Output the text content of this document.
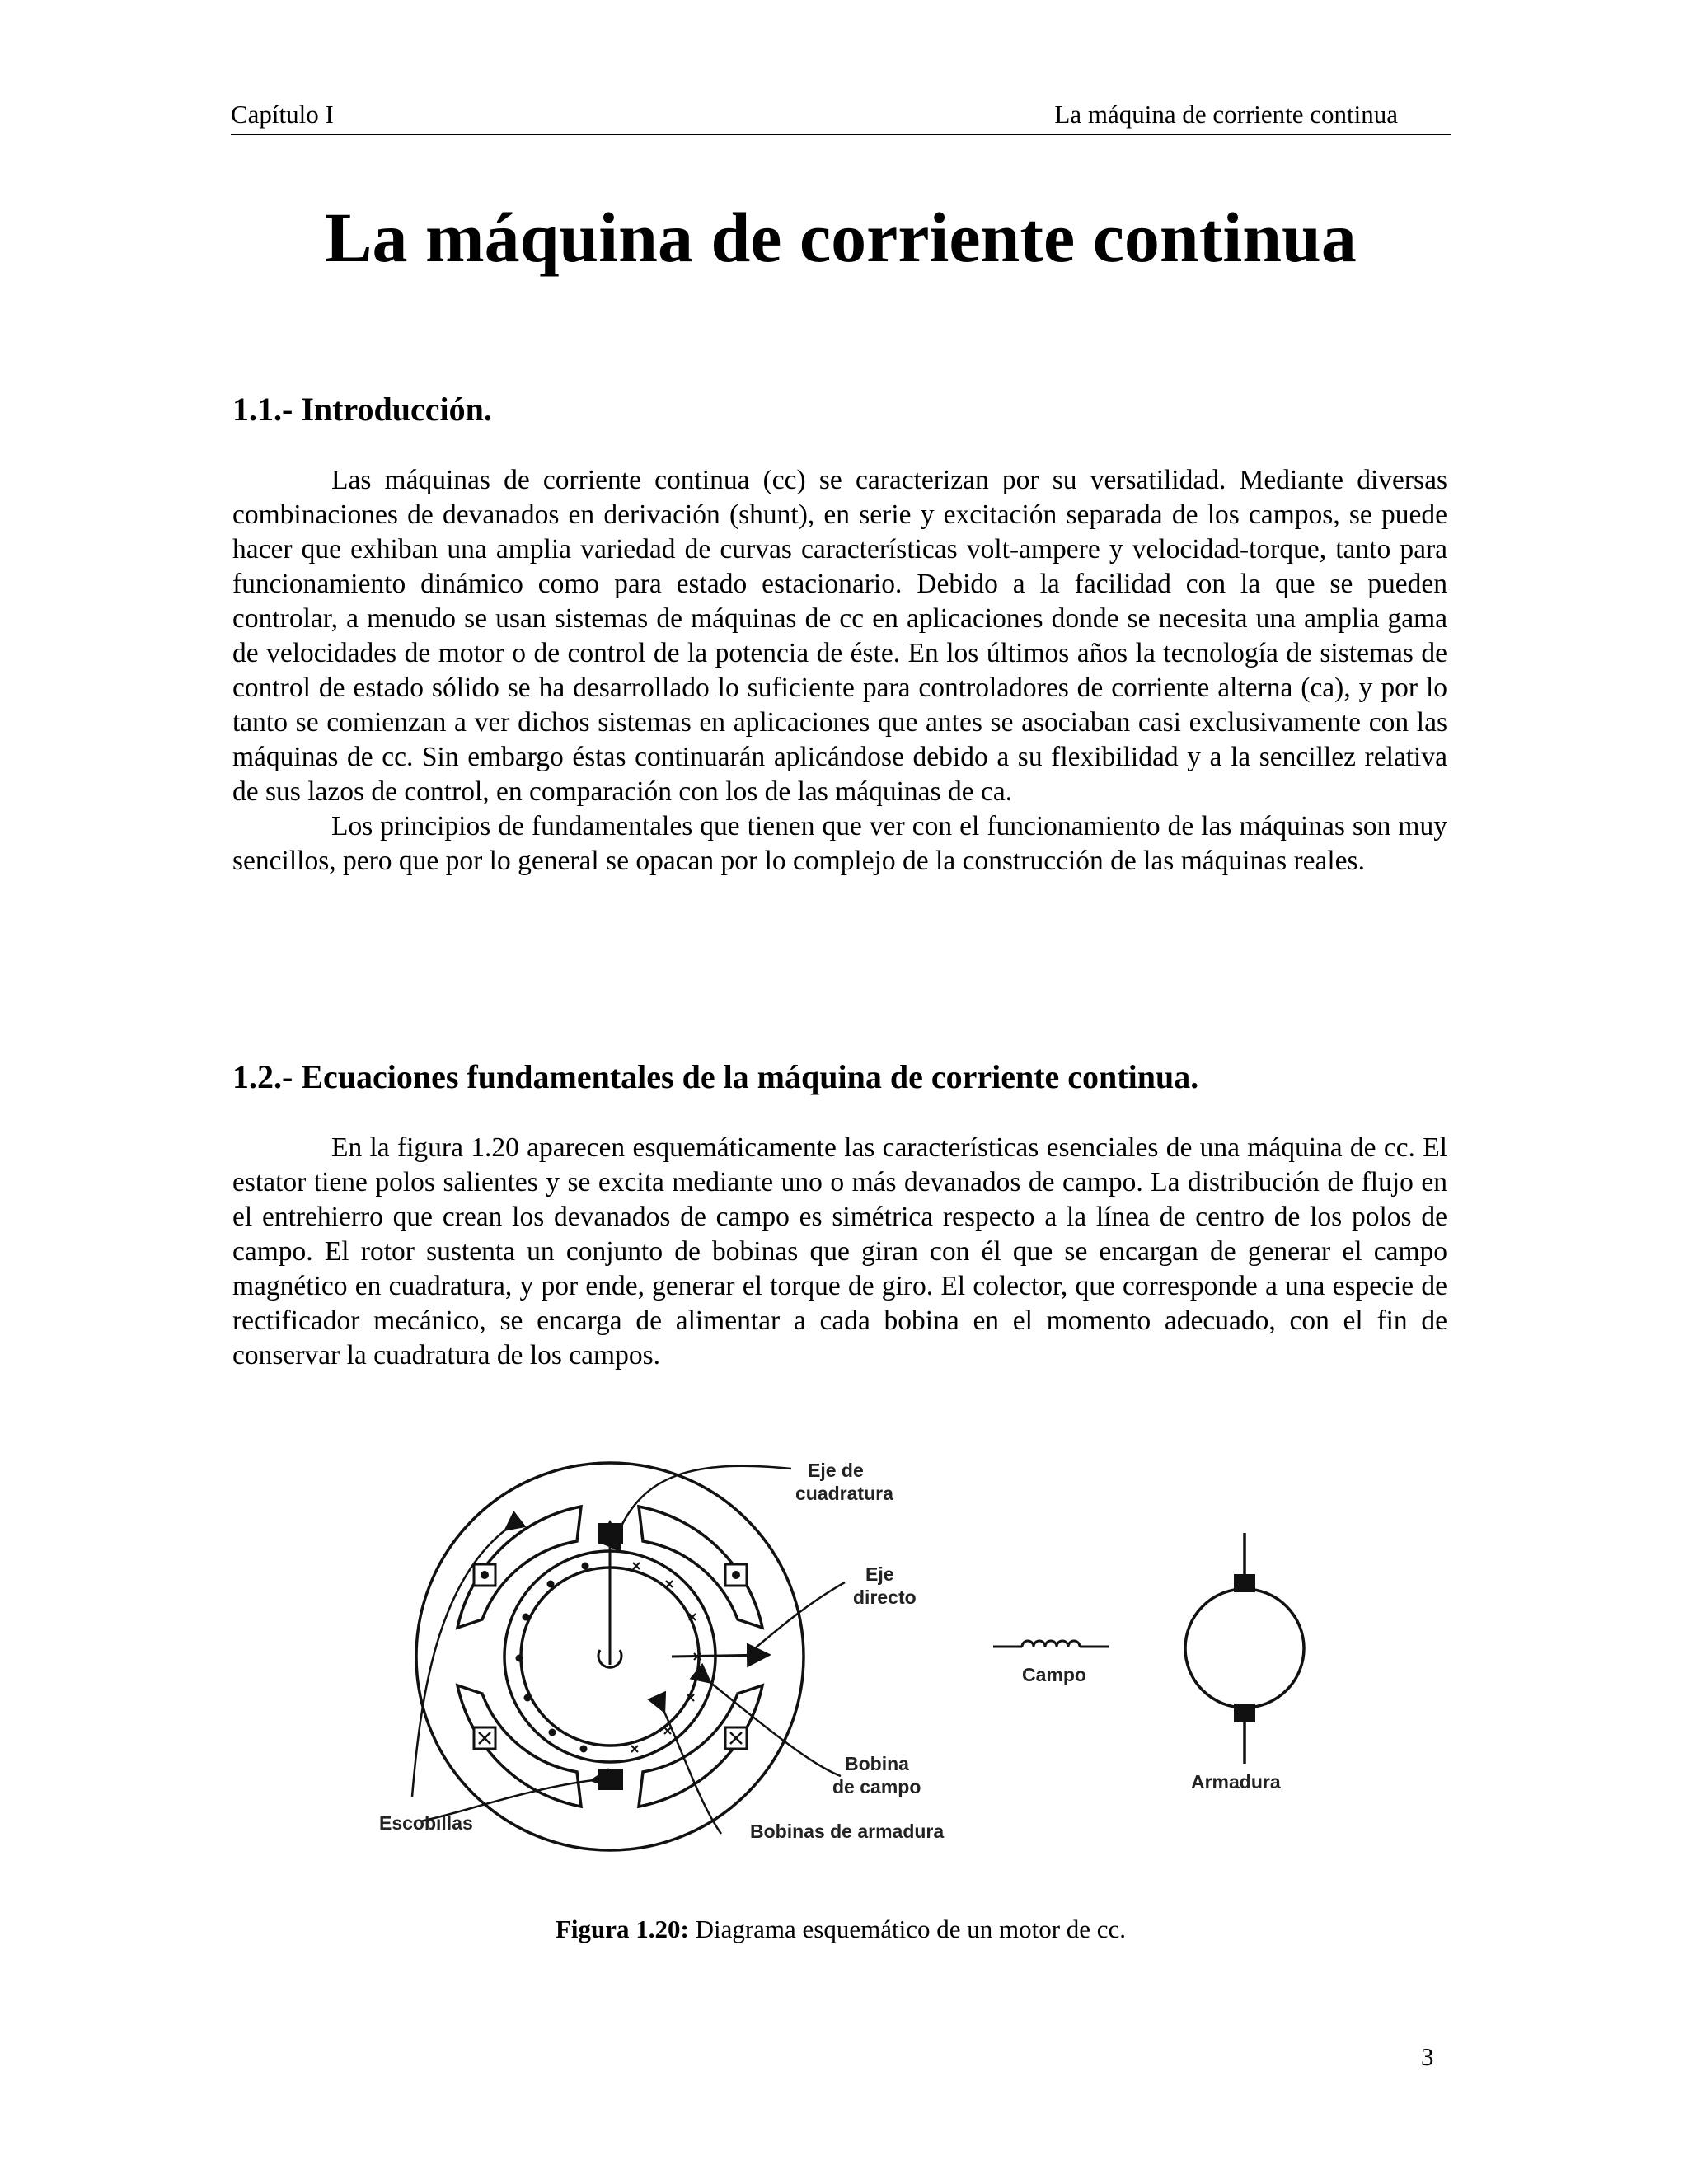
Capítulo I	La máquina de corriente continua
La máquina de corriente continua
1.1.- Introducción.

Las máquinas de corriente continua (cc) se caracterizan por su versatilidad. Mediante diversas combinaciones de devanados en derivación (shunt), en serie y excitación separada de los campos, se puede hacer que exhiban una amplia variedad de curvas características volt-ampere y velocidad-torque, tanto para funcionamiento dinámico como para estado estacionario. Debido a la facilidad con la que se pueden controlar, a menudo se usan sistemas de máquinas de cc en aplicaciones donde se necesita una amplia gama de velocidades de motor o de control de la potencia de éste. En los últimos años la tecnología de sistemas de control de estado sólido se ha desarrollado lo suficiente para controladores de corriente alterna (ca), y por lo tanto se comienzan a ver dichos sistemas en aplicaciones que antes se asociaban casi exclusivamente con las máquinas de cc. Sin embargo éstas continuarán aplicándose debido a su flexibilidad y a la sencillez relativa de sus lazos de control, en comparación con los de las máquinas de ca.

Los principios de fundamentales que tienen que ver con el funcionamiento de las máquinas son muy sencillos, pero que por lo general se opacan por lo complejo de la construcción de las máquinas reales.

1.2.- Ecuaciones fundamentales de la máquina de corriente continua.

En la figura 1.20 aparecen esquemáticamente las características esenciales de una máquina de cc. El estator tiene polos salientes y se excita mediante uno o más devanados de campo. La distribución de flujo en el entrehierro que crean los devanados de campo es simétrica respecto a la línea de centro de los polos de campo. El rotor sustenta un conjunto de bobinas que giran con él que se encargan de generar el campo magnético en cuadratura, y por ende, generar el torque de giro. El colector, que corresponde a una especie de rectificador mecánico, se encarga de alimentar a cada bobina en el momento adecuado, con el fin de conservar la cuadratura de los campos.

Eje de
cuadratura
Eje
directo
Campo
Bobina
de campo	Armadura
Escobillas	Bobinas de armadura
Figura 1.20: Diagrama esquemático de un motor de cc.
3
